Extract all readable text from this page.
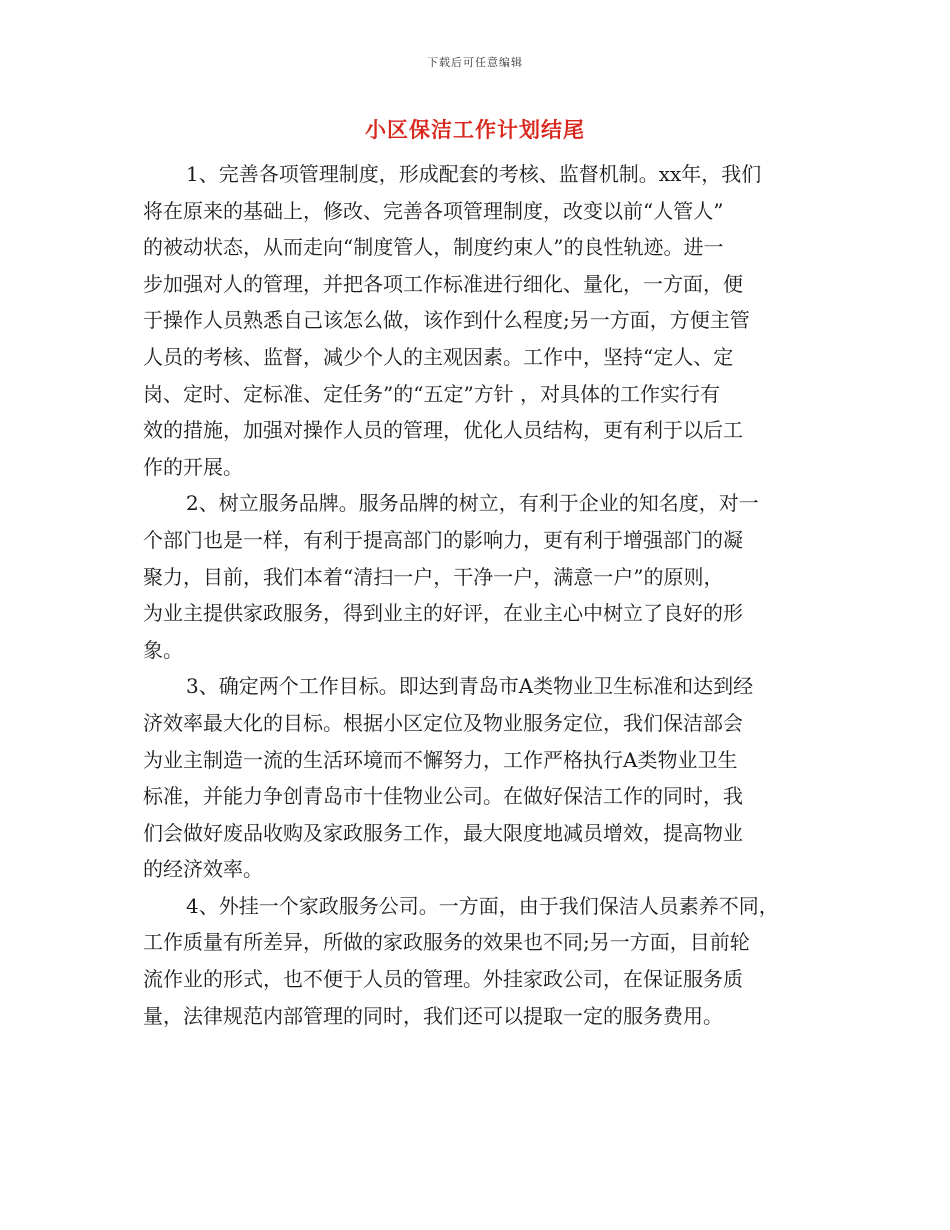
下载后可任意编辑
小区保洁工作计划结尾
1、完善各项管理制度，形成配套的考核、监督机制。xx年，我们
将在原来的基础上，修改、完善各项管理制度，改变以前“人管人”
的被动状态，从而走向“制度管人，制度约束人”的良性轨迹。进一
步加强对人的管理，并把各项工作标准进行细化、量化，一方面，便
于操作人员熟悉自己该怎么做，该作到什么程度;另一方面，方便主管
人员的考核、监督，减少个人的主观因素。工作中，坚持“定人、定
岗、定时、定标准、定任务”的“五定”方针 ，对具体的工作实行有
效的措施，加强对操作人员的管理，优化人员结构，更有利于以后工
作的开展。
2、树立服务品牌。服务品牌的树立，有利于企业的知名度，对一
个部门也是一样，有利于提高部门的影响力，更有利于增强部门的凝
聚力，目前，我们本着“清扫一户，干净一户，满意一户”的原则，
为业主提供家政服务，得到业主的好评，在业主心中树立了良好的形
象。
3、确定两个工作目标。即达到青岛市A类物业卫生标准和达到经
济效率最大化的目标。根据小区定位及物业服务定位，我们保洁部会
为业主制造一流的生活环境而不懈努力，工作严格执行A类物业卫生
标准，并能力争创青岛市十佳物业公司。在做好保洁工作的同时，我
们会做好废品收购及家政服务工作，最大限度地减员增效，提高物业
的经济效率。
4、外挂一个家政服务公司。一方面，由于我们保洁人员素养不同，
工作质量有所差异，所做的家政服务的效果也不同;另一方面，目前轮
流作业的形式，也不便于人员的管理。外挂家政公司，在保证服务质
量，法律规范内部管理的同时，我们还可以提取一定的服务费用。
